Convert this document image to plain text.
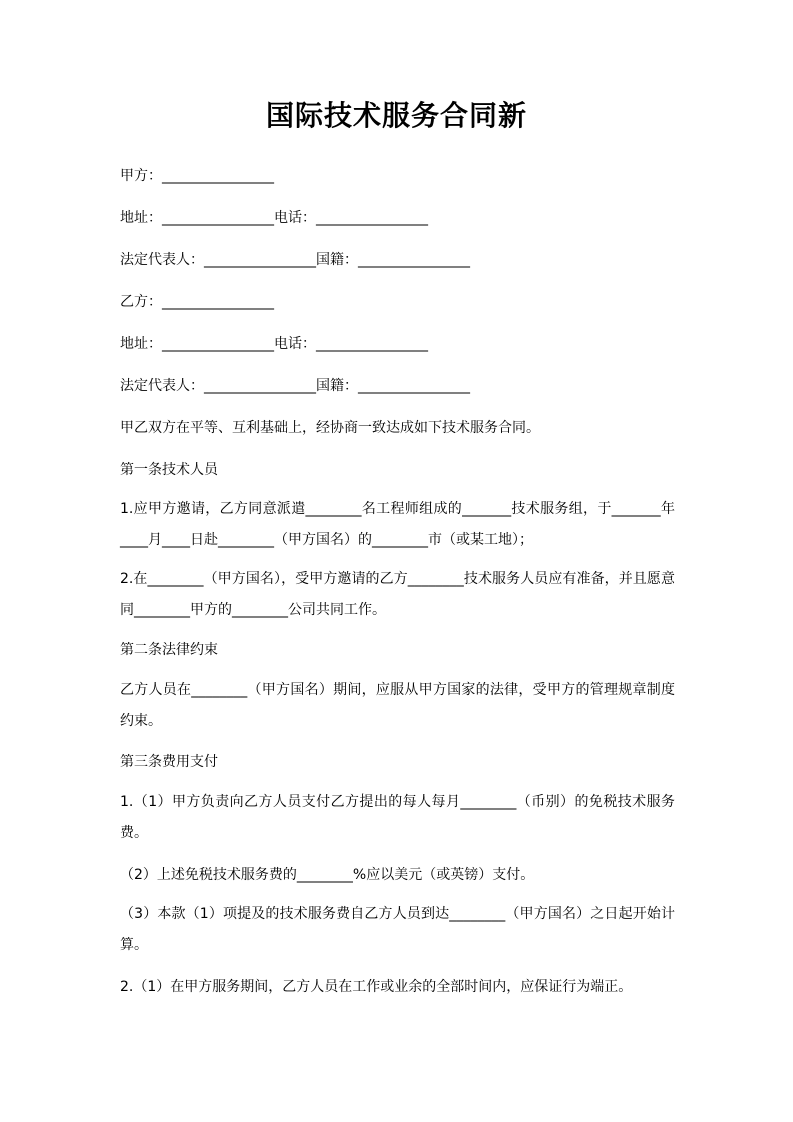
国际技术服务合同新

甲方：________________

地址：________________电话：________________

法定代表人：________________国籍：________________

乙方：________________

地址：________________电话：________________

法定代表人：________________国籍：________________

甲乙双方在平等、互利基础上，经协商一致达成如下技术服务合同。

第一条技术人员

1.应甲方邀请，乙方同意派遣________名工程师组成的_______技术服务组，于_______年____月____日赴________（甲方国名）的________市（或某工地）；

2.在________（甲方国名），受甲方邀请的乙方________技术服务人员应有准备，并且愿意同________甲方的________公司共同工作。

第二条法律约束

乙方人员在________（甲方国名）期间，应服从甲方国家的法律，受甲方的管理规章制度约束。

第三条费用支付

1.（1）甲方负责向乙方人员支付乙方提出的每人每月________（币别）的免税技术服务费。

（2）上述免税技术服务费的________%应以美元（或英镑）支付。

（3）本款（1）项提及的技术服务费自乙方人员到达________（甲方国名）之日起开始计算。

2.（1）在甲方服务期间，乙方人员在工作或业余的全部时间内，应保证行为端正。
